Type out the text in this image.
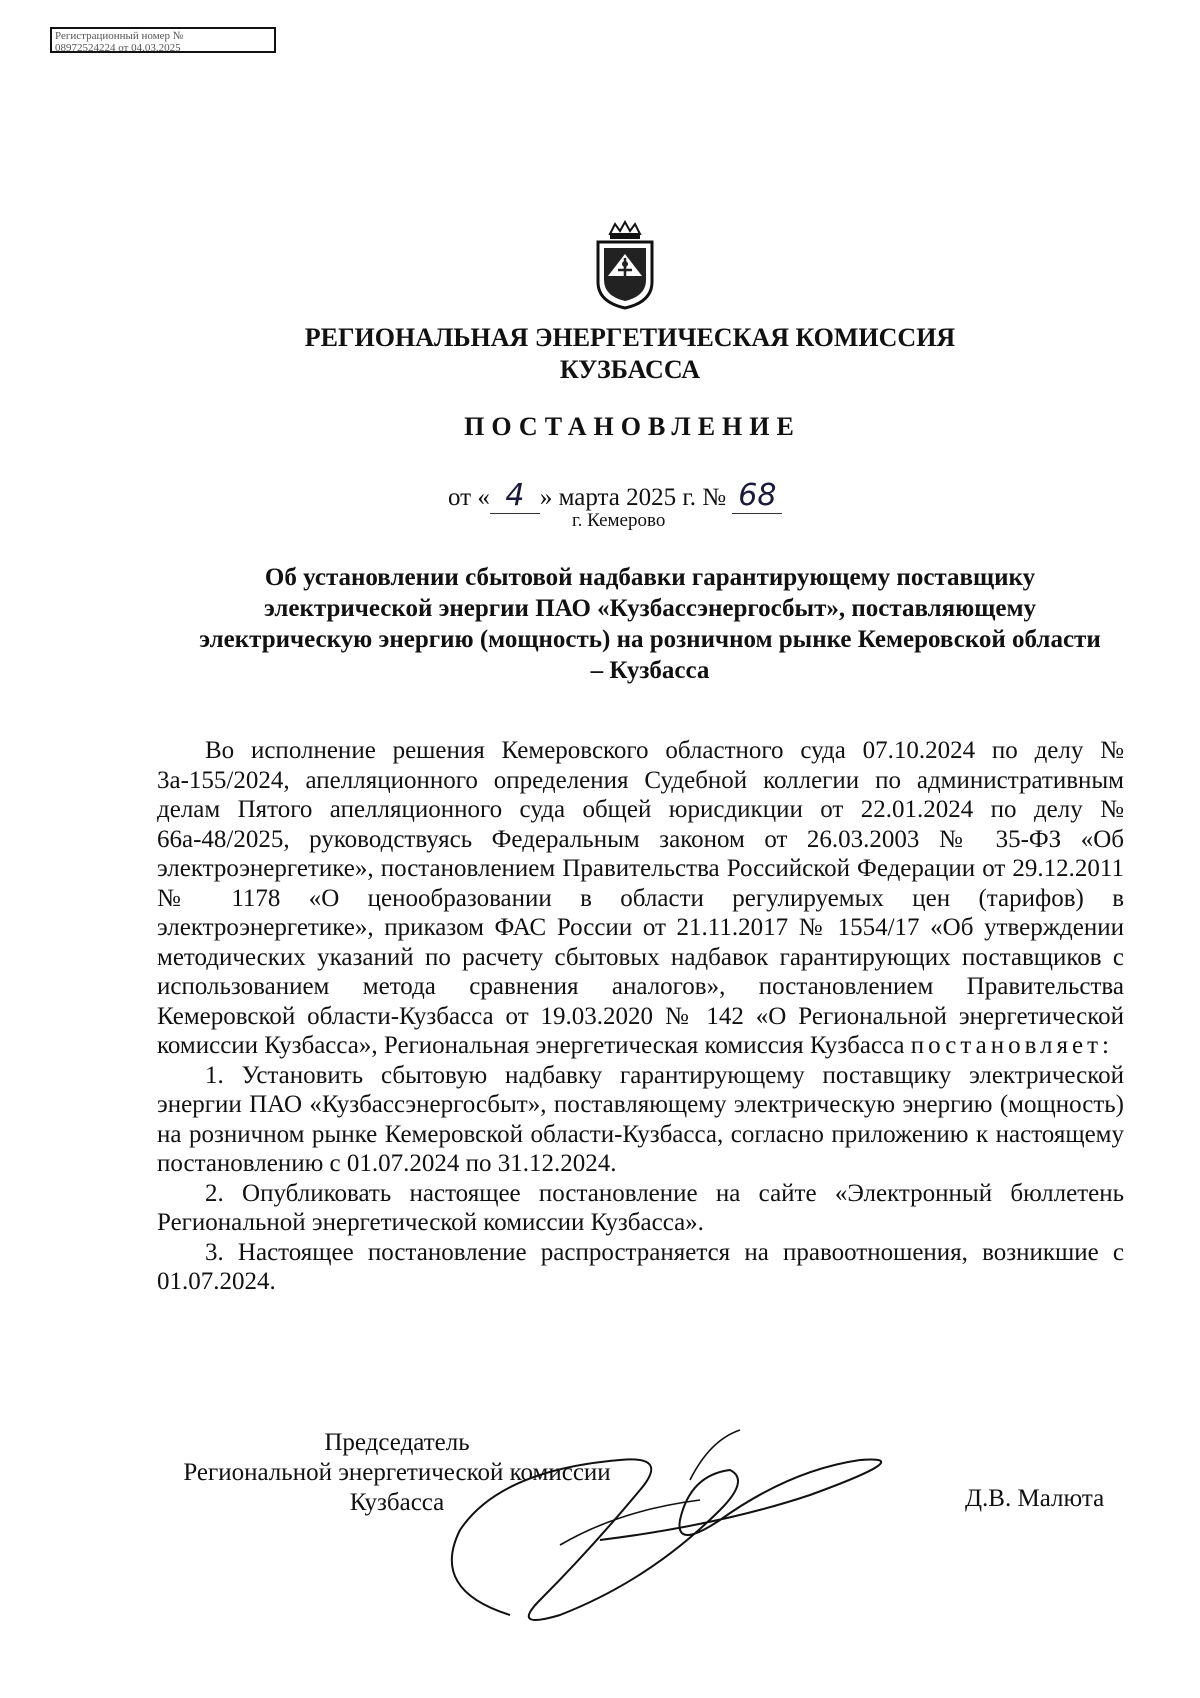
Регистрационный номер №
08972524224 от 04.03.2025
РЕГИОНАЛЬНАЯ ЭНЕРГЕТИЧЕСКАЯ КОМИССИЯ
КУЗБАССА
ПОСТАНОВЛЕНИЕ
от « 4 » марта 2025 г. № 68
г. Кемерово
Об установлении сбытовой надбавки гарантирующему поставщику электрической энергии ПАО «Кузбассэнергосбыт», поставляющему электрическую энергию (мощность) на розничном рынке Кемеровской области – Кузбасса

Во исполнение решения Кемеровского областного суда 07.10.2024 по делу № 3а-155/2024, апелляционного определения Судебной коллегии по административным делам Пятого апелляционного суда общей юрисдикции от 22.01.2024 по делу № 66а-48/2025, руководствуясь Федеральным законом от 26.03.2003 № 35-ФЗ «Об электроэнергетике», постановлением Правительства Российской Федерации от 29.12.2011 № 1178 «О ценообразовании в области регулируемых цен (тарифов) в электроэнергетике», приказом ФАС России от 21.11.2017 № 1554/17 «Об утверждении методических указаний по расчету сбытовых надбавок гарантирующих поставщиков с использованием метода сравнения аналогов», постановлением Правительства Кемеровской области-Кузбасса от 19.03.2020 № 142 «О Региональной энергетической комиссии Кузбасса», Региональная энергетическая комиссия Кузбасса постановляет:

1. Установить сбытовую надбавку гарантирующему поставщику электрической энергии ПАО «Кузбассэнергосбыт», поставляющему электрическую энергию (мощность) на розничном рынке Кемеровской области-Кузбасса, согласно приложению к настоящему постановлению с 01.07.2024 по 31.12.2024.

2. Опубликовать настоящее постановление на сайте «Электронный бюллетень Региональной энергетической комиссии Кузбасса».

3. Настоящее постановление распространяется на правоотношения, возникшие с 01.07.2024.

Председатель
Региональной энергетической комиссии
Кузбасса	Д.В. Малюта
